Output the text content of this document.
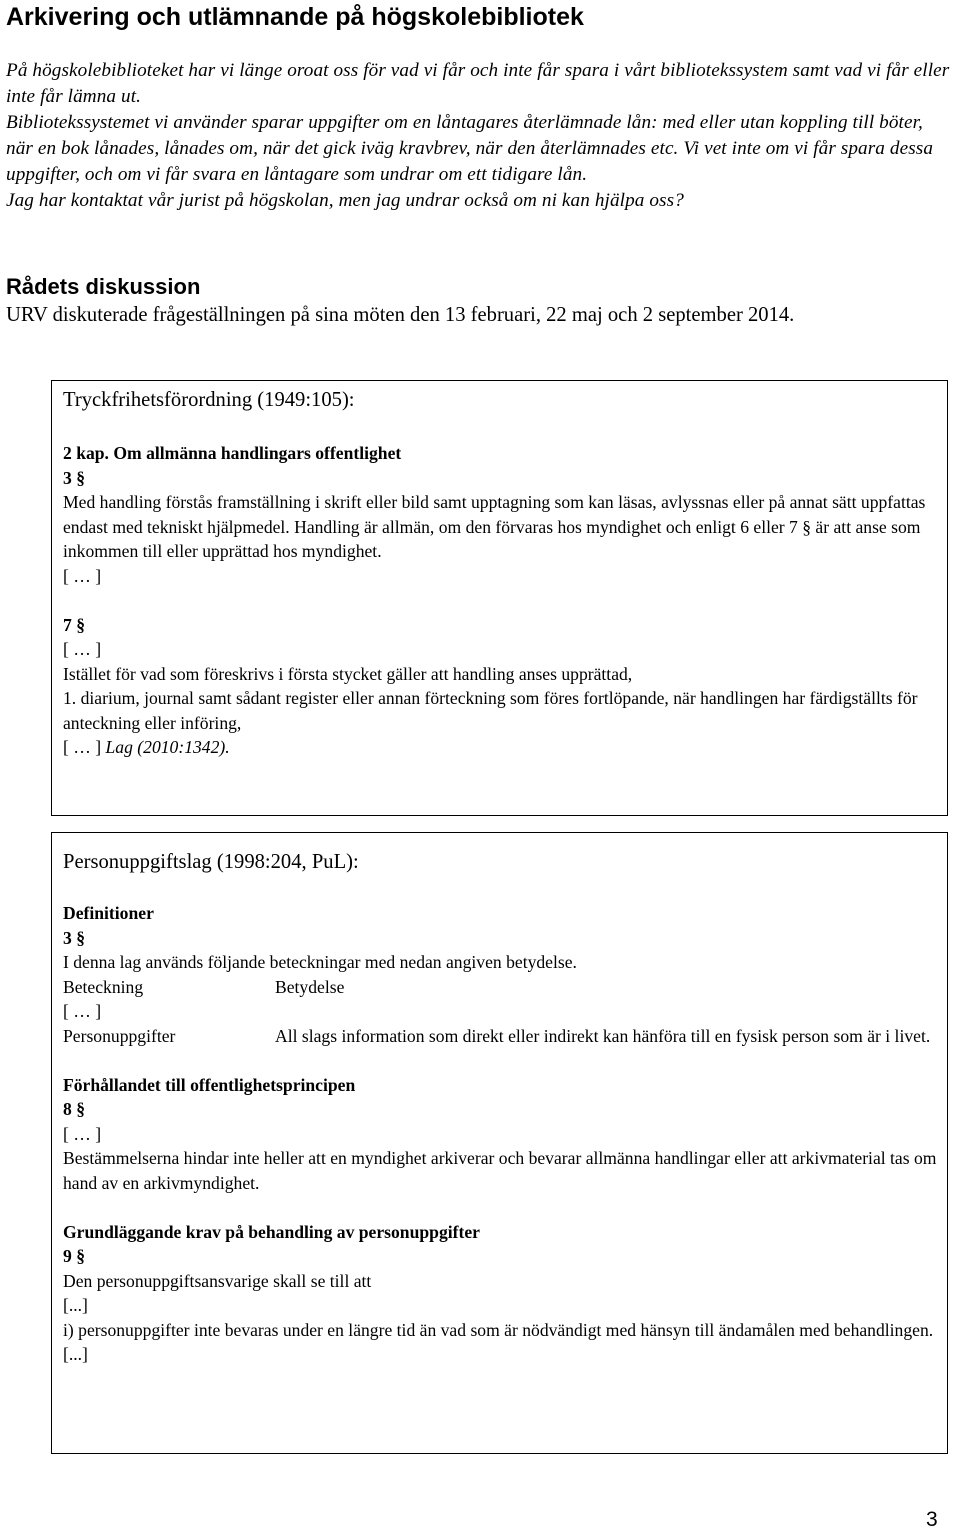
Arkivering och utlämnande på högskolebibliotek

På högskolebiblioteket har vi länge oroat oss för vad vi får och inte får spara i vårt bibliotekssystem samt vad vi får eller inte får lämna ut.

Bibliotekssystemet vi använder sparar uppgifter om en låntagares återlämnade lån: med eller utan koppling till böter, när en bok lånades, lånades om, när det gick iväg kravbrev, när den återlämnades etc. Vi vet inte om vi får spara dessa uppgifter, och om vi får svara en låntagare som undrar om ett tidigare lån.

Jag har kontaktat vår jurist på högskolan, men jag undrar också om ni kan hjälpa oss?

Rådets diskussion

URV diskuterade frågeställningen på sina möten den 13 februari, 22 maj och 2 september 2014.

Tryckfrihetsförordning (1949:105):

2 kap. Om allmänna handlingars offentlighet

3 §

Med handling förstås framställning i skrift eller bild samt upptagning som kan läsas, avlyssnas eller på annat sätt uppfattas endast med tekniskt hjälpmedel. Handling är allmän, om den förvaras hos myndighet och enligt 6 eller 7 § är att anse som inkommen till eller upprättad hos myndighet.

[ … ]

7 §

[ … ]

Istället för vad som föreskrivs i första stycket gäller att handling anses upprättad,

1. diarium, journal samt sådant register eller annan förteckning som föres fortlöpande, när handlingen har färdigställts för anteckning eller införing,

[ … ] Lag (2010:1342).

Personuppgiftslag (1998:204, PuL):

Definitioner

3 §

I denna lag används följande beteckningar med nedan angiven betydelse.

Beteckning	Betydelse

[ … ]

Personuppgifter	All slags information som direkt eller indirekt kan hänföra till en fysisk person som är i livet.

Förhållandet till offentlighetsprincipen

8 §

[ … ]

Bestämmelserna hindar inte heller att en myndighet arkiverar och bevarar allmänna handlingar eller att arkivmaterial tas om hand av en arkivmyndighet.

Grundläggande krav på behandling av personuppgifter

9 §

Den personuppgiftsansvarige skall se till att

[...]

i) personuppgifter inte bevaras under en längre tid än vad som är nödvändigt med hänsyn till ändamålen med behandlingen.

[...]

3
